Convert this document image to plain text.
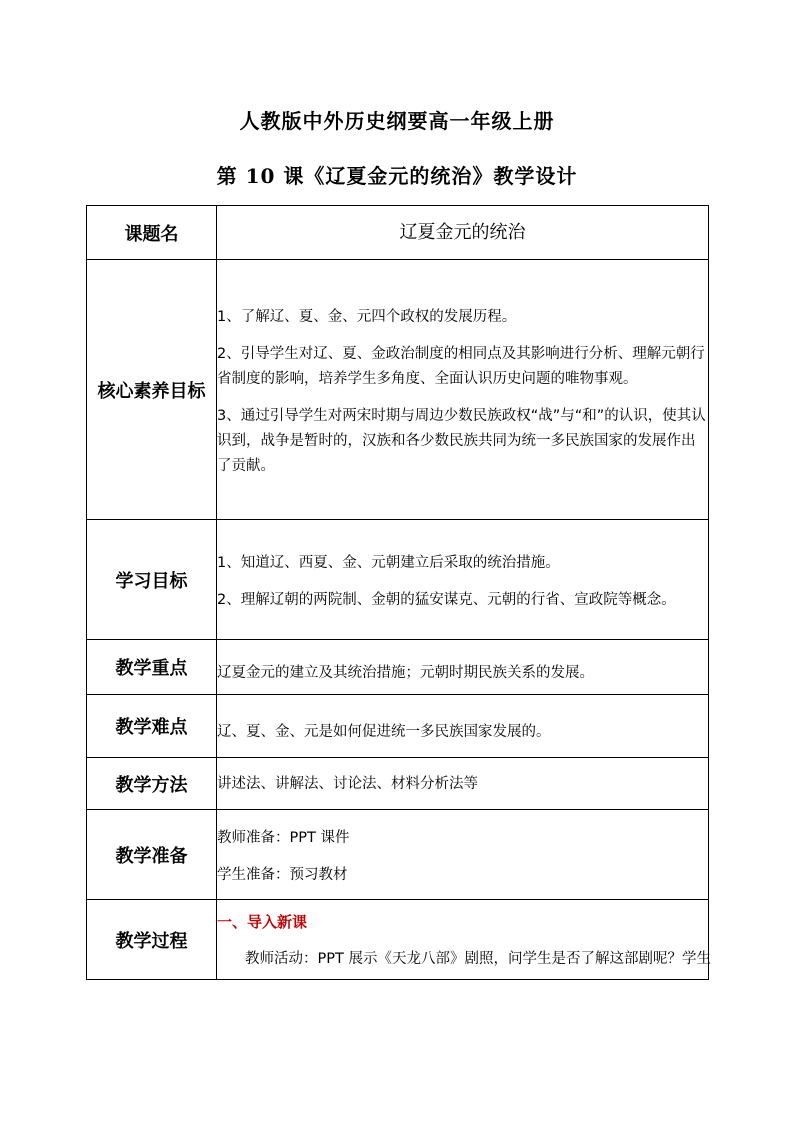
人教版中外历史纲要高一年级上册
第 10 课《辽夏金元的统治》教学设计
课题名	辽夏金元的统治
核心素养目标	1、了解辽、夏、金、元四个政权的发展历程。

2、引导学生对辽、夏、金政治制度的相同点及其影响进行分析、理解元朝行省制度的影响，培养学生多角度、全面认识历史问题的唯物事观。

3、通过引导学生对两宋时期与周边少数民族政权“战”与“和”的认识，使其认识到，战争是暂时的，汉族和各少数民族共同为统一多民族国家的发展作出了贡献。

学习目标	1、知道辽、西夏、金、元朝建立后采取的统治措施。

2、理解辽朝的两院制、金朝的猛安谋克、元朝的行省、宣政院等概念。

教学重点	辽夏金元的建立及其统治措施；元朝时期民族关系的发展。
教学难点	辽、夏、金、元是如何促进统一多民族国家发展的。
教学方法	讲述法、讲解法、讨论法、材料分析法等
教学准备	教师准备：PPT 课件

学生准备：预习教材

教学过程	一、导入新课

教师活动：PPT 展示《天龙八部》剧照，问学生是否了解这部剧呢？学生
